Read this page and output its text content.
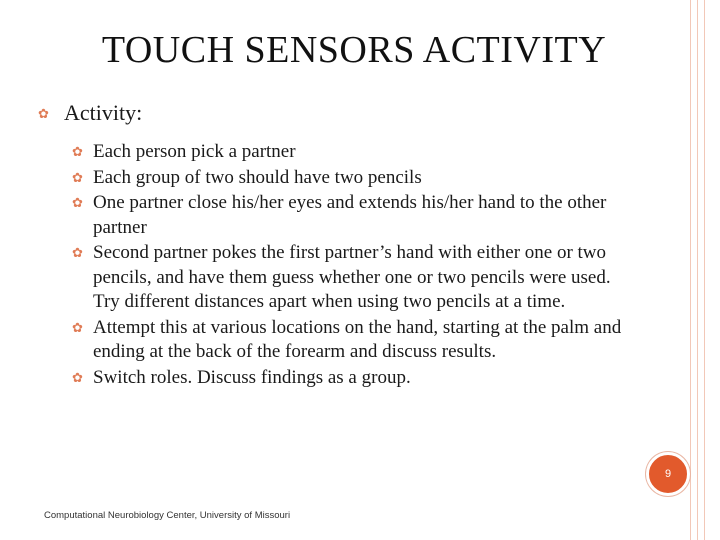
TOUCH SENSORS ACTIVITY
✿ Activity:
✿ Each person pick a partner
✿ Each group of two should have two pencils
✿ One partner close his/her eyes and extends his/her hand to the other partner
✿ Second partner pokes the first partner’s hand with either one or two pencils, and have them guess whether one or two pencils were used. Try different distances apart when using two pencils at a time.
✿ Attempt this at various locations on the hand, starting at the palm and ending at the back of the forearm and discuss results.
✿ Switch roles. Discuss findings as a group.
9
Computational Neurobiology Center, University of Missouri
